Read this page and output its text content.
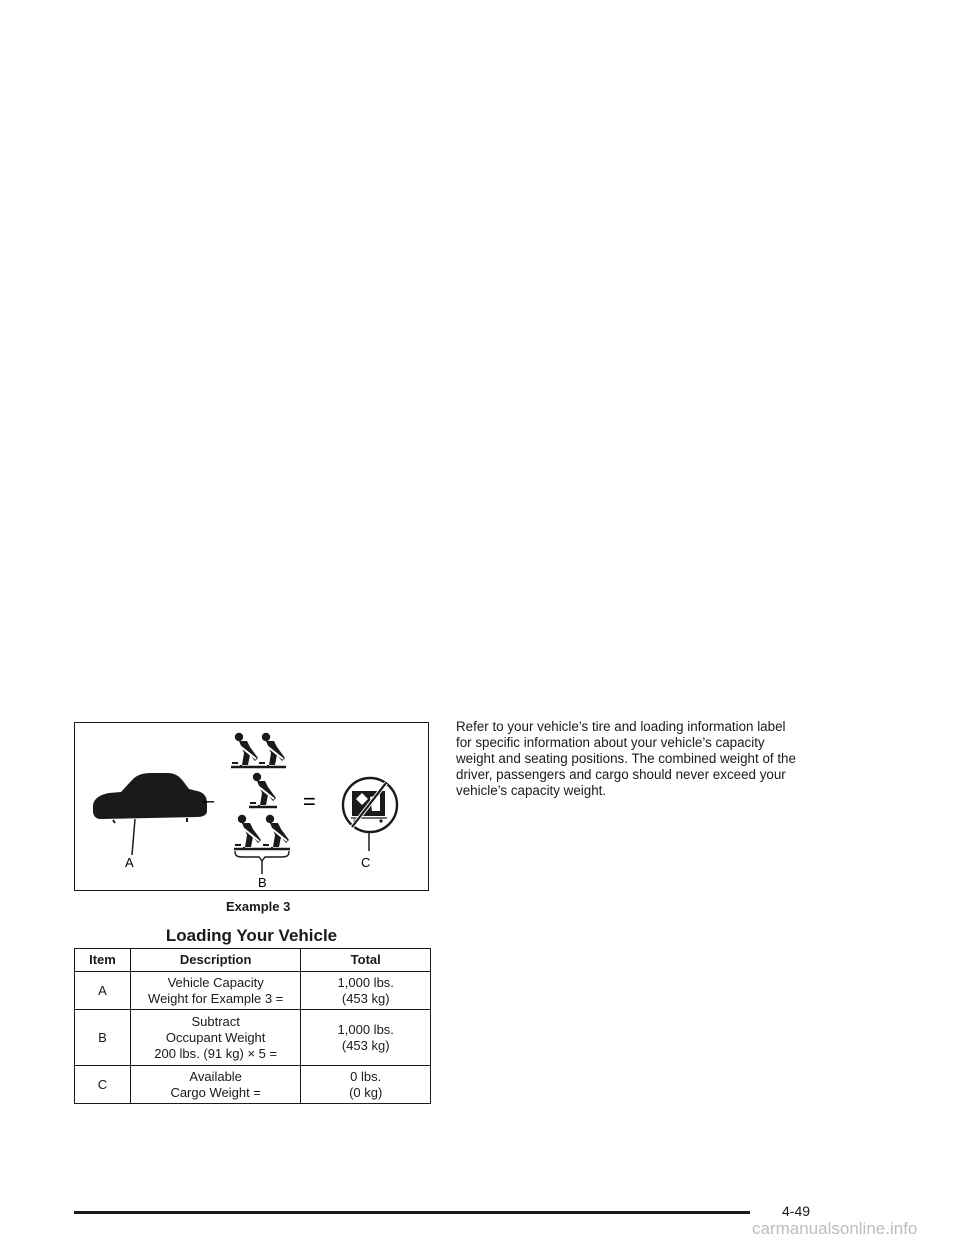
A
–
B
=
C
Example 3
Loading Your Vehicle
Item	Description	Total
A	Vehicle Capacity
Weight for Example 3 =	1,000 lbs.
(453 kg)

B	Subtract
Occupant Weight
200 lbs. (91 kg) × 5 =	1,000 lbs.
(453 kg)

C	Available
Cargo Weight =	0 lbs.
(0 kg)
Refer to your vehicle’s tire and loading information label
for specific information about your vehicle’s capacity
weight and seating positions. The combined weight of the
driver, passengers and cargo should never exceed your
vehicle’s capacity weight.
4-49
carmanualsonline.info
